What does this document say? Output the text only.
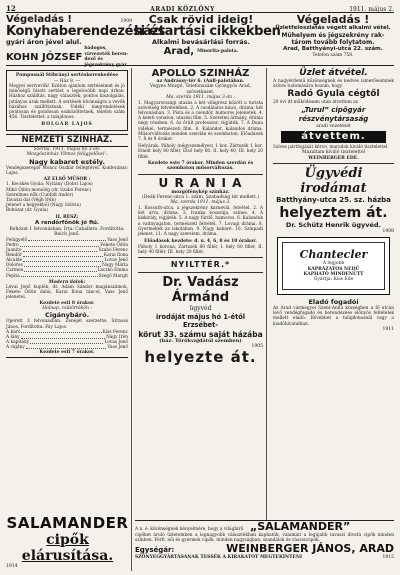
12	ARADI KÖZLÖNY	1911. május 2.
Végeladás !	1909
Konyhaberendezési és
gyári áron jével alul.
KOHN JÓZSEF
bádogos, vízvezeték beren-dező és jégszekrény gyár
Csak rövid ideig!
háztartási cikkekben
Alkalmi bevásárlási forrás.
Arad, Minorita-palota.
Végeladás !
Üzletfeloszlatás végett alkalmi vétel.
Mühelyem és jégszekrény rak-
tárom tovább folytatom.
Arad, Batthyányi-utca 22. szám.
Telefon szám 758.
Pomposnál Stibrányi sertéskereskedése
— Ház 8. —
Megyei sertvevők! Ezúton ajánlom sertéseimet és jó minőségű hízott sertést a legolcsóbb napi árban. Házhoz szállítás, nagy választék, pontos kiszolgálás, jutányos árak mellett. A sertések kívánságra a vevők házához szállíttatnak. Vidéki megrendelések pontosan és gondosan eszközöltetnek, telefon szám 456. Tisztelettel: a tulajdonos.
BOLGÁR LAJOS
NEMZETI SZINHÁZ.
Szerda, 1911. május hó 3-án:
Mozgószínház Vilmos felügyelővel :
Nagy kabaret estély.
Vendégszereplő Moncz Oszkár felléptével. Konferánsz: Lajos.
AZ ELSŐ MŰSOR :
1. Kecskés Gyula: Nyitány (Dobri Lajos)
Mikó Ödön monológ (dr. Szabó Ferenc)
Szerelmes nők (Cunfolt Andor)
Tavaszi dal (Végh Irén)
Jelenet a hegyekből (Nagy Szilvia)
Bohózat (dr. Gyula)
II. RÉSZ:
A rendőrfőnök jó fiú.
Bohózat 1 felvonásban. Írta: Caballero. Fordította: Reich Jenő.
Felügyelő	Vass Jenő
Pedro	Fekete Ödön
Juanito	Szabó Ferenc
Rendőr	Karai Ilona
Alcalde	Lovas Jenő
Dolores	Nagy Mária
Carmen	Laczkó Emma
Pepita	Szegő Margit
Modern dalok:
Lévai Jenő kuplék, dr. Ádám Sándor magánszámok, Fekete Ödön dalai, Karai Ilona táncol, Vass Jenő jelenetei.
Kezdete esti 8 órakor.
Holnap, csütörtökön :
Cigánybáró.
Operett 3 felvonásban. Zenéjét szerzette: Strauss János. Fordította: Fáy Lajos.
A báró	Kiss Ferenc
A lány	Nagy Irén
A kapitány	Lovas Jenő
A cigány	Vass Jenő
Kezdete esti 7 órakor.
SALAMANDER
cipők elárusítása.
1914
APOLLO SZINHÁZ
az Andrássy-tér 6. (Anfl-palotában.
Vegyes Mozgó, Telefonszám Gyöngyös Arad, szövetkezet.
Ma, szerda 1911. május 3-án :
1. Magyarországi utazás a két világrész között a turista szövetség felvételében. 2. A csodálatos kincs, dráma, két felvonásban. 3. Pista és a csendőr, humoros jelenetek. 4. A keleti vonaton, utazási film. 5. Szerelmi ármány, dráma négy részben. 6. Az őrült professzor, vígjáték. 7. A Duna vidékei, természeti film. 8. Kalandor, kalandos dráma. Műsorváltozás minden szerdán és szombaton. Előadások 7, 8 és 9 órakor.
Helyárak: Páholy (négyszemélyes) 1 kor. Zártszék 1 kor. Emelt hely 80 fillér, Első hely 60, II. hely 40, III. hely 20 fillér.
Kezdete este 7 órakor. Minden szerdán és szombaton műsorváltozás.
U R A N I A
mozgófénykép színház.
(Deák Ferenc-utca 1. szám, Szabadság tér mellett.)
Ma, szerda 1911. május 3.
1. Kossuth-utca, a jégszekrény karnevál, felvétel. 2. A két árva, dráma. 3. Ivanka bosszúja, színes. 4. A kiskirály, vígjáték. 5. A nagy fürdő, humoros. 6. Kalandok a vadnyugaton, természeti felvétel. 7. Lovagi dráma. 8. Gyermekek az iskolában. 9. Nagy kabaré. 10. Színpadi jelenet. 11. A nagy szerelem, dráma.
Előadások kezdete: d. u. 4, 6, 8 és 10 órakor.
Páholy 1 korona, Zártszék 80 fillér, I. hely 60 fillér, II. hely 40 fillér, III. hely 20 fillér.
NYILTTÉR.*
Dr. Vadász Ármánd
ügyvéd
irodáját május hó 1-étől Erzsébet-
körut 33. számu saját házába
(ház. Törökvajdától szemben)
1905
helyezte át.
Üzlet átvétel.
A nagyérdemű közönségnek és kedves ismerőseimnek szíves tudomására hozom, hogy
Radó Gyula cégtől
20 évi itt működésem után átvettem az
„Turul” cipőgyár részvénytársaság
aradi vezetését
átvettem.
Szíves pártfogását kérve, maradok kiváló tisztelettel
Mazaltam kiváló tisztelettel
WEINBERGER EDE.
Ügyvédi irodámat
Batthyány-utca 25. sz. házba
helyeztem át.
Dr. Schütz Henrik ügyvéd.
1908
Chantecler
A legjobb
KÁPRÁZATOS NEDŰ
KAPHATÓ MINDENÜTT
Gyártja: Kiss Ede
Eladó fogadói
Az Arad vármegyei Szent-Anna községben a fő utcán levő vendégfogadó és berendezése előnyös feltételek mellett eladó. Bővebbet a tulajdonosnál vagy a kiadóhivatalban.
1911
A n. é. közönségnek kényelmére, hogy a világhírű „SALAMANDER”
cipőket áruló üzletemben a legnagyobb választékban kaphatók, valamint a legújabb tavaszi divatú cipők minden színben. Férfi, női és gyermek cipők, minden nagyságban, szandálok és vászoncipők.
Egységár:	WEINBERGER JÁNOS, ARAD
SZŐNYEGGYÁRTÁSÁNAK TESSÉK A KIRAKATOT MEGTEKINTENI	1915
